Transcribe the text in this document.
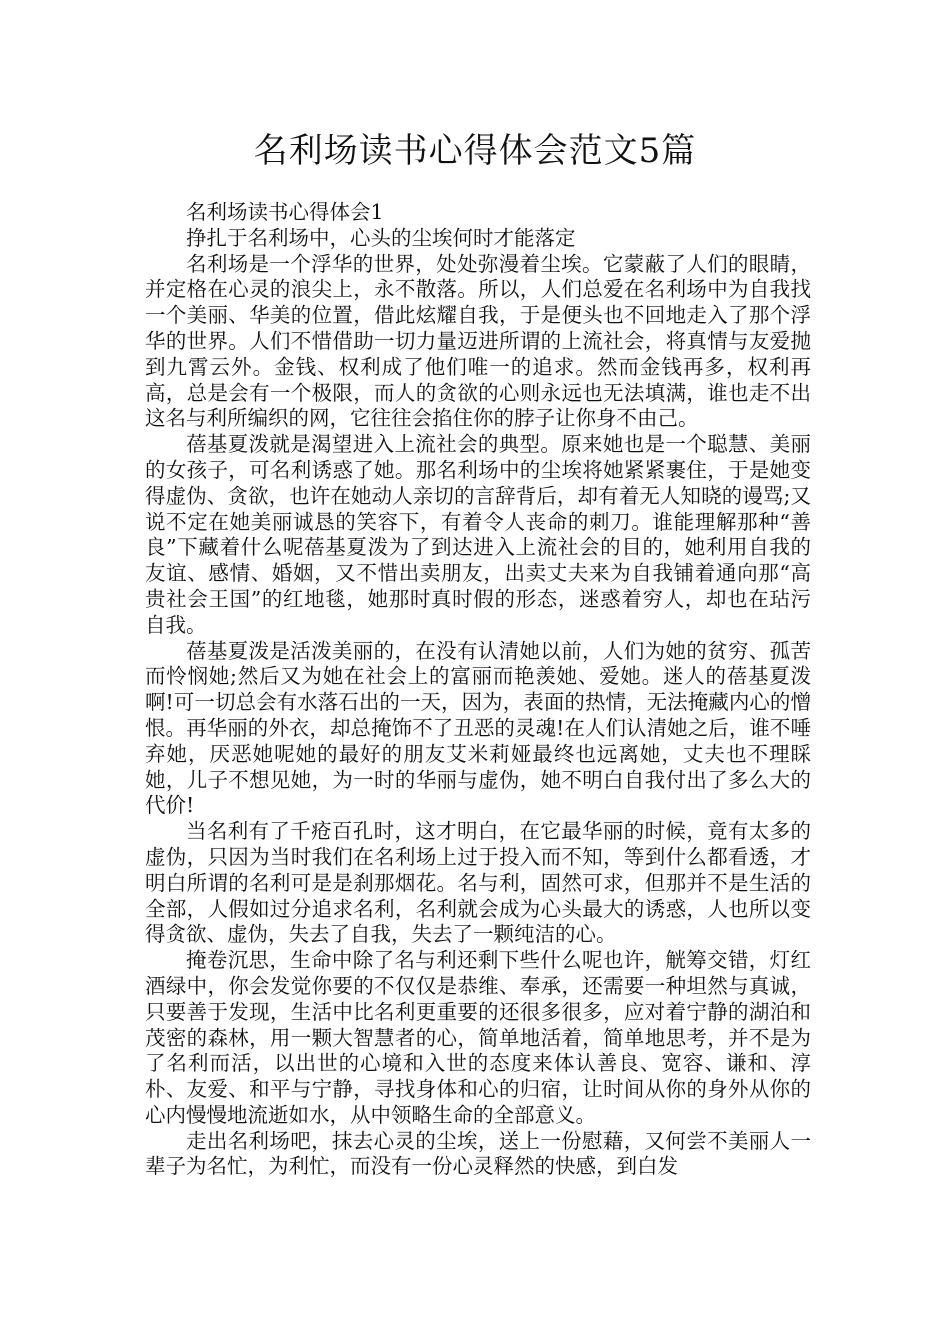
名利场读书心得体会范文5篇

名利场读书心得体会1

挣扎于名利场中，心头的尘埃何时才能落定

名利场是一个浮华的世界，处处弥漫着尘埃。它蒙蔽了人们的眼睛，并定格在心灵的浪尖上，永不散落。所以，人们总爱在名利场中为自我找一个美丽、华美的位置，借此炫耀自我，于是便头也不回地走入了那个浮华的世界。人们不惜借助一切力量迈进所谓的上流社会，将真情与友爱抛到九霄云外。金钱、权利成了他们唯一的追求。然而金钱再多，权利再高，总是会有一个极限，而人的贪欲的心则永远也无法填满，谁也走不出这名与利所编织的网，它往往会掐住你的脖子让你身不由己。

蓓基夏泼就是渴望进入上流社会的典型。原来她也是一个聪慧、美丽的女孩子，可名利诱惑了她。那名利场中的尘埃将她紧紧裹住，于是她变得虚伪、贪欲，也许在她动人亲切的言辞背后，却有着无人知晓的谩骂;又说不定在她美丽诚恳的笑容下，有着令人丧命的刺刀。谁能理解那种“善良”下藏着什么呢蓓基夏泼为了到达进入上流社会的目的，她利用自我的友谊、感情、婚姻，又不惜出卖朋友，出卖丈夫来为自我铺着通向那“高贵社会王国”的红地毯，她那时真时假的形态，迷惑着穷人，却也在玷污自我。

蓓基夏泼是活泼美丽的，在没有认清她以前，人们为她的贫穷、孤苦而怜悯她;然后又为她在社会上的富丽而艳羡她、爱她。迷人的蓓基夏泼啊!可一切总会有水落石出的一天，因为，表面的热情，无法掩藏内心的憎恨。再华丽的外衣，却总掩饰不了丑恶的灵魂!在人们认清她之后，谁不唾弃她，厌恶她呢她的最好的朋友艾米莉娅最终也远离她，丈夫也不理睬她，儿子不想见她，为一时的华丽与虚伪，她不明白自我付出了多么大的代价!

当名利有了千疮百孔时，这才明白，在它最华丽的时候，竟有太多的虚伪，只因为当时我们在名利场上过于投入而不知，等到什么都看透，才明白所谓的名利可是是刹那烟花。名与利，固然可求，但那并不是生活的全部，人假如过分追求名利，名利就会成为心头最大的诱惑，人也所以变得贪欲、虚伪，失去了自我，失去了一颗纯洁的心。

掩卷沉思，生命中除了名与利还剩下些什么呢也许，觥筹交错，灯红酒绿中，你会发觉你要的不仅仅是恭维、奉承，还需要一种坦然与真诚，只要善于发现，生活中比名利更重要的还很多很多，应对着宁静的湖泊和茂密的森林，用一颗大智慧者的心，简单地活着，简单地思考，并不是为了名利而活，以出世的心境和入世的态度来体认善良、宽容、谦和、淳朴、友爱、和平与宁静，寻找身体和心的归宿，让时间从你的身外从你的心内慢慢地流逝如水，从中领略生命的全部意义。

走出名利场吧，抹去心灵的尘埃，送上一份慰藉，又何尝不美丽人一辈子为名忙，为利忙，而没有一份心灵释然的快感，到白发
